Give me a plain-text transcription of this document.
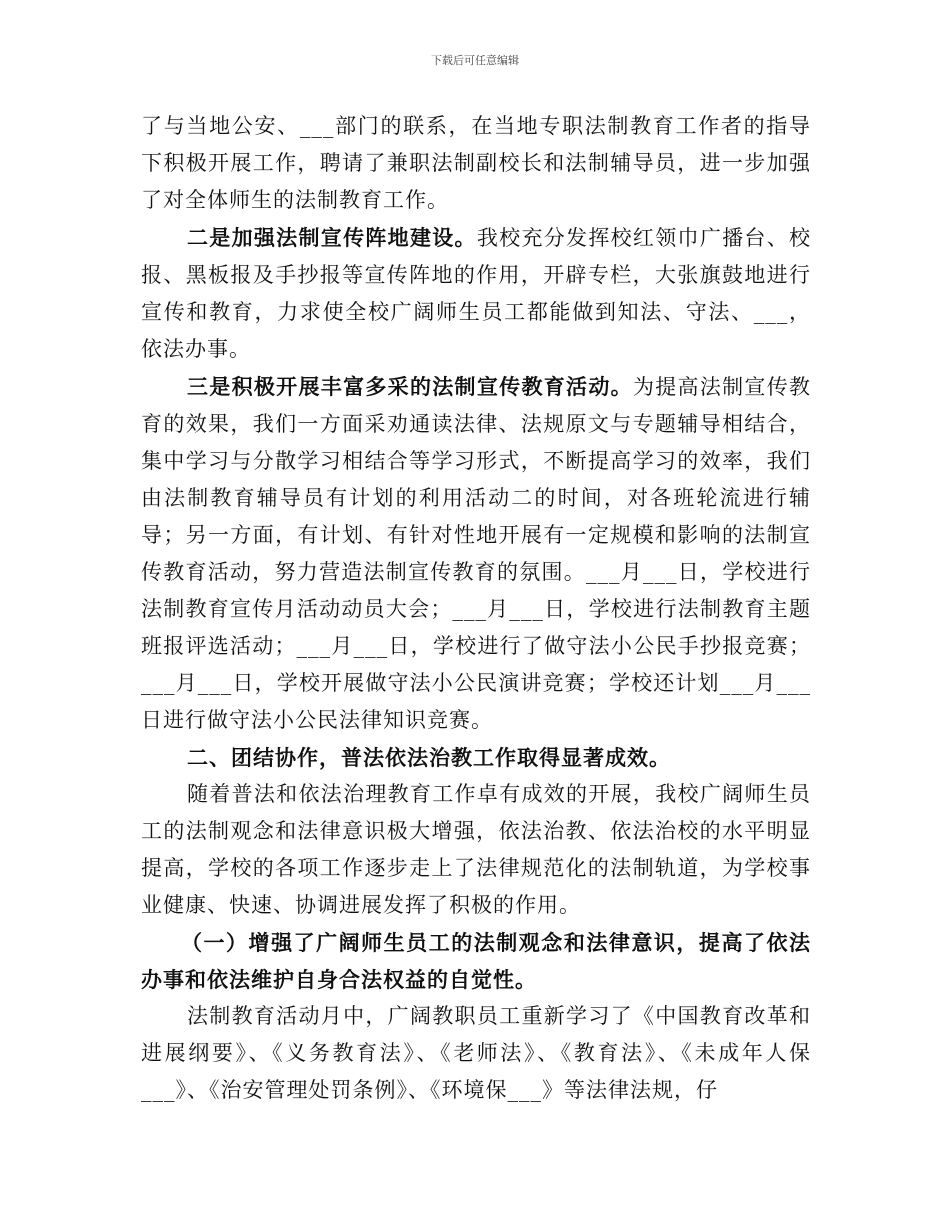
下载后可任意编辑

了与当地公安、___部门的联系，在当地专职法制教育工作者的指导下积极开展工作，聘请了兼职法制副校长和法制辅导员，进一步加强了对全体师生的法制教育工作。

二是加强法制宣传阵地建设。我校充分发挥校红领巾广播台、校报、黑板报及手抄报等宣传阵地的作用，开辟专栏，大张旗鼓地进行宣传和教育，力求使全校广阔师生员工都能做到知法、守法、___，依法办事。

三是积极开展丰富多采的法制宣传教育活动。为提高法制宣传教育的效果，我们一方面采劝通读法律、法规原文与专题辅导相结合，集中学习与分散学习相结合等学习形式，不断提高学习的效率，我们由法制教育辅导员有计划的利用活动二的时间，对各班轮流进行辅导；另一方面，有计划、有针对性地开展有一定规模和影响的法制宣传教育活动，努力营造法制宣传教育的氛围。___月___日，学校进行法制教育宣传月活动动员大会；___月___日，学校进行法制教育主题班报评选活动；___月___日，学校进行了做守法小公民手抄报竞赛；___月___日，学校开展做守法小公民演讲竞赛；学校还计划___月___日进行做守法小公民法律知识竞赛。

二、团结协作，普法依法治教工作取得显著成效。

随着普法和依法治理教育工作卓有成效的开展，我校广阔师生员工的法制观念和法律意识极大增强，依法治教、依法治校的水平明显提高，学校的各项工作逐步走上了法律规范化的法制轨道，为学校事业健康、快速、协调进展发挥了积极的作用。

（一）增强了广阔师生员工的法制观念和法律意识，提高了依法办事和依法维护自身合法权益的自觉性。

法制教育活动月中，广阔教职员工重新学习了《中国教育改革和进展纲要》、《义务教育法》、《老师法》、《教育法》、《未成年人保___》、《治安管理处罚条例》、《环境保___》等法律法规，仔
